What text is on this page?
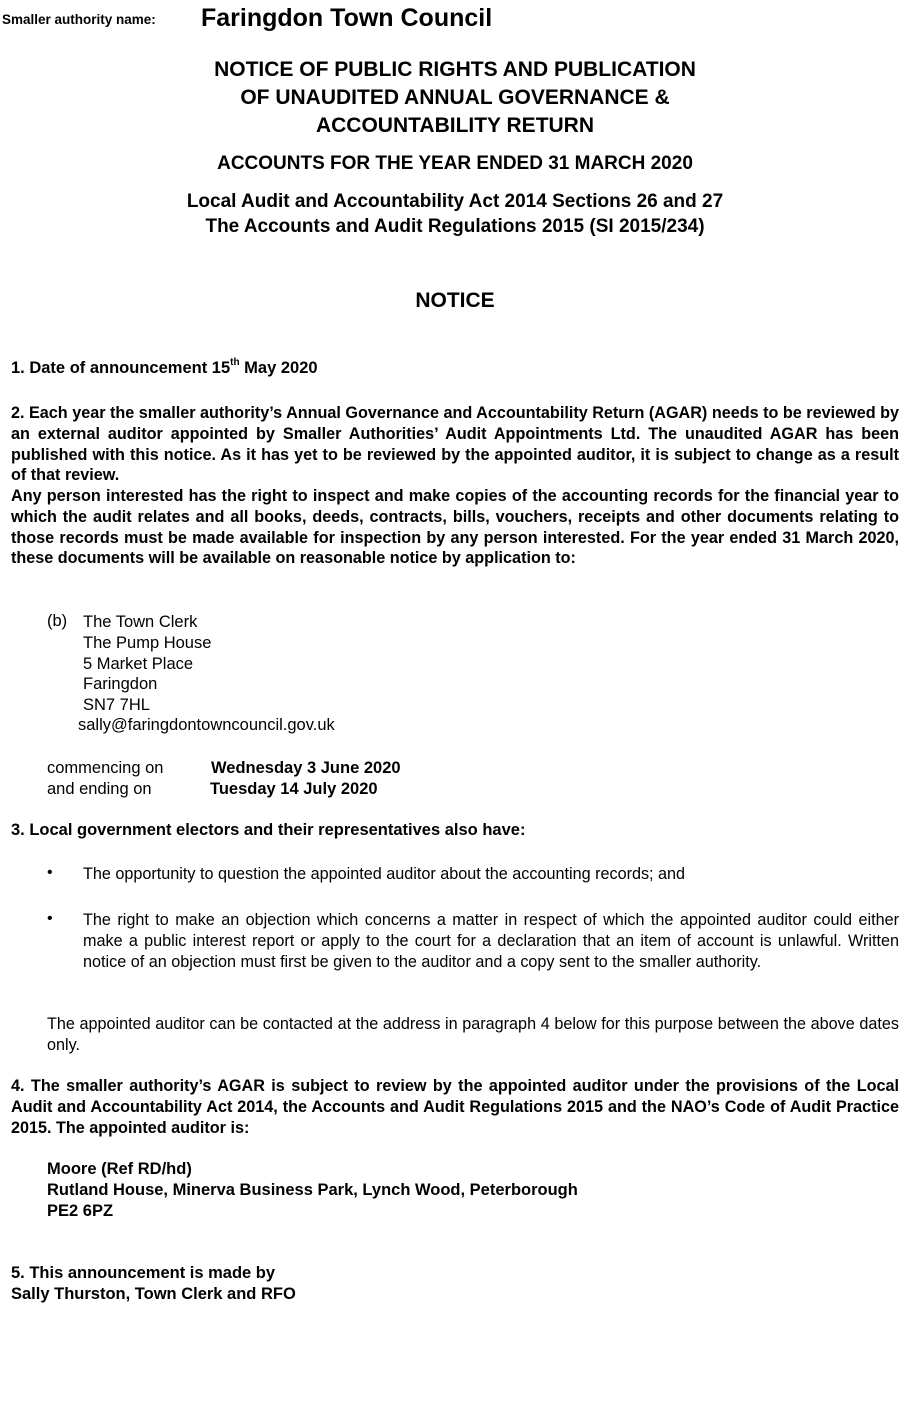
Smaller authority name: Faringdon Town Council
NOTICE OF PUBLIC RIGHTS AND PUBLICATION
OF UNAUDITED ANNUAL GOVERNANCE &
ACCOUNTABILITY RETURN
ACCOUNTS FOR THE YEAR ENDED 31 MARCH 2020
Local Audit and Accountability Act 2014 Sections 26 and 27
The Accounts and Audit Regulations 2015 (SI 2015/234)
NOTICE
1. Date of announcement 15th May 2020
2. Each year the smaller authority’s Annual Governance and Accountability Return (AGAR) needs to be reviewed by an external auditor appointed by Smaller Authorities’ Audit Appointments Ltd. The unaudited AGAR has been published with this notice. As it has yet to be reviewed by the appointed auditor, it is subject to change as a result of that review.
Any person interested has the right to inspect and make copies of the accounting records for the financial year to which the audit relates and all books, deeds, contracts, bills, vouchers, receipts and other documents relating to those records must be made available for inspection by any person interested. For the year ended 31 March 2020, these documents will be available on reasonable notice by application to:
(b) The Town Clerk
The Pump House
5 Market Place
Faringdon
SN7 7HL
sally@faringdontowncouncil.gov.uk
commencing on	Wednesday 3 June 2020
and ending on	Tuesday 14 July 2020
3. Local government electors and their representatives also have:
• The opportunity to question the appointed auditor about the accounting records; and
• The right to make an objection which concerns a matter in respect of which the appointed auditor could either make a public interest report or apply to the court for a declaration that an item of account is unlawful. Written notice of an objection must first be given to the auditor and a copy sent to the smaller authority.
The appointed auditor can be contacted at the address in paragraph 4 below for this purpose between the above dates only.
4. The smaller authority’s AGAR is subject to review by the appointed auditor under the provisions of the Local Audit and Accountability Act 2014, the Accounts and Audit Regulations 2015 and the NAO’s Code of Audit Practice 2015. The appointed auditor is:
Moore (Ref RD/hd)
Rutland House, Minerva Business Park, Lynch Wood, Peterborough
PE2 6PZ
5. This announcement is made by
Sally Thurston, Town Clerk and RFO
